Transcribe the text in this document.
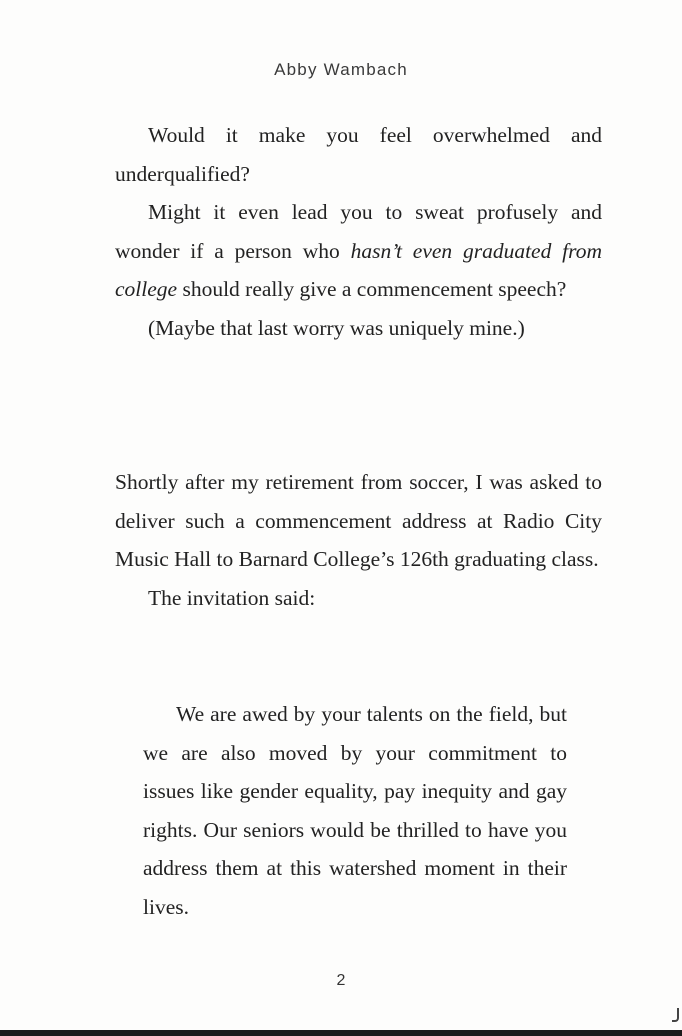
Abby Wambach

Would it make you feel overwhelmed and underqualified?

Might it even lead you to sweat profusely and wonder if a person who hasn’t even graduated from college should really give a commencement speech?

(Maybe that last worry was uniquely mine.)

Shortly after my retirement from soccer, I was asked to deliver such a commencement address at Radio City Music Hall to Barnard College’s 126th graduating class.

The invitation said:

We are awed by your talents on the field, but we are also moved by your commitment to issues like gender equality, pay inequity and gay rights. Our seniors would be thrilled to have you address them at this watershed moment in their lives.

2
